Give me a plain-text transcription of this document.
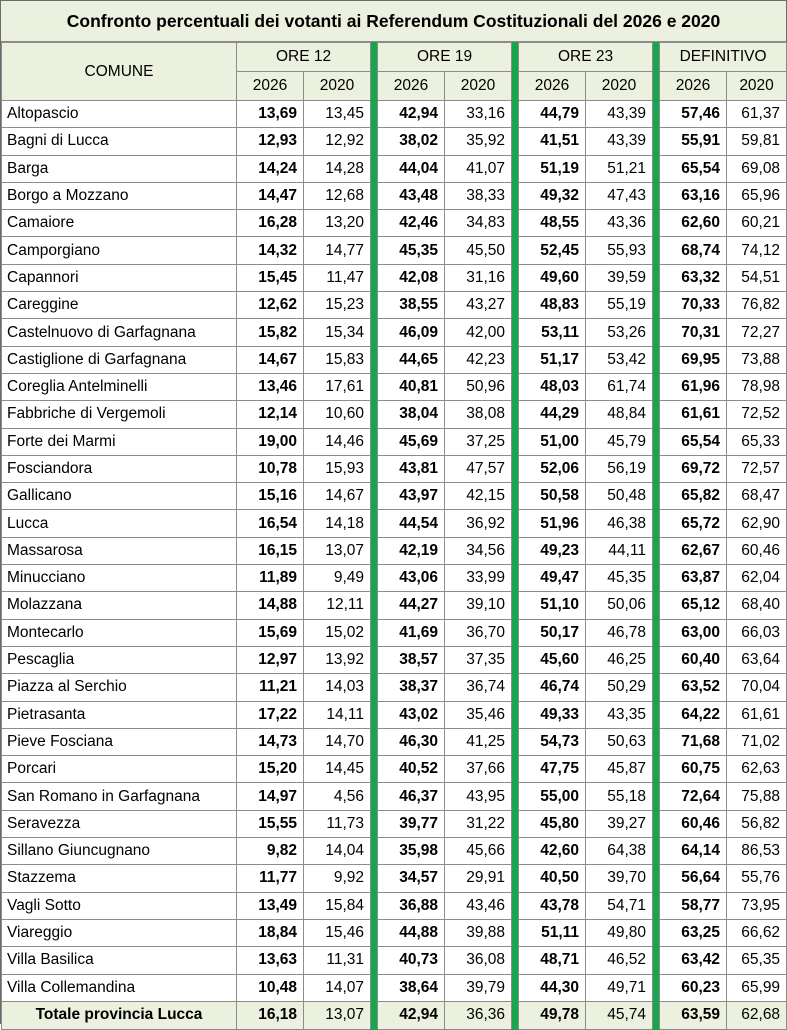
Confronto percentuali dei votanti ai Referendum Costituzionali del 2026 e 2020
COMUNE	ORE 12			ORE 19			ORE 23			DEFINITIVO	
	2026	2020		2026	2020		2026	2020		2026	2020
Altopascio	13,69	13,45		42,94	33,16		44,79	43,39		57,46	61,37
Bagni di Lucca	12,93	12,92		38,02	35,92		41,51	43,39		55,91	59,81
Barga	14,24	14,28		44,04	41,07		51,19	51,21		65,54	69,08
Borgo a Mozzano	14,47	12,68		43,48	38,33		49,32	47,43		63,16	65,96
Camaiore	16,28	13,20		42,46	34,83		48,55	43,36		62,60	60,21
Camporgiano	14,32	14,77		45,35	45,50		52,45	55,93		68,74	74,12
Capannori	15,45	11,47		42,08	31,16		49,60	39,59		63,32	54,51
Careggine	12,62	15,23		38,55	43,27		48,83	55,19		70,33	76,82
Castelnuovo di Garfagnana	15,82	15,34		46,09	42,00		53,11	53,26		70,31	72,27
Castiglione di Garfagnana	14,67	15,83		44,65	42,23		51,17	53,42		69,95	73,88
Coreglia Antelminelli	13,46	17,61		40,81	50,96		48,03	61,74		61,96	78,98
Fabbriche di Vergemoli	12,14	10,60		38,04	38,08		44,29	48,84		61,61	72,52
Forte dei Marmi	19,00	14,46		45,69	37,25		51,00	45,79		65,54	65,33
Fosciandora	10,78	15,93		43,81	47,57		52,06	56,19		69,72	72,57
Gallicano	15,16	14,67		43,97	42,15		50,58	50,48		65,82	68,47
Lucca	16,54	14,18		44,54	36,92		51,96	46,38		65,72	62,90
Massarosa	16,15	13,07		42,19	34,56		49,23	44,11		62,67	60,46
Minucciano	11,89	9,49		43,06	33,99		49,47	45,35		63,87	62,04
Molazzana	14,88	12,11		44,27	39,10		51,10	50,06		65,12	68,40
Montecarlo	15,69	15,02		41,69	36,70		50,17	46,78		63,00	66,03
Pescaglia	12,97	13,92		38,57	37,35		45,60	46,25		60,40	63,64
Piazza al Serchio	11,21	14,03		38,37	36,74		46,74	50,29		63,52	70,04
Pietrasanta	17,22	14,11		43,02	35,46		49,33	43,35		64,22	61,61
Pieve Fosciana	14,73	14,70		46,30	41,25		54,73	50,63		71,68	71,02
Porcari	15,20	14,45		40,52	37,66		47,75	45,87		60,75	62,63
San Romano in Garfagnana	14,97	4,56		46,37	43,95		55,00	55,18		72,64	75,88
Seravezza	15,55	11,73		39,77	31,22		45,80	39,27		60,46	56,82
Sillano Giuncugnano	9,82	14,04		35,98	45,66		42,60	64,38		64,14	86,53
Stazzema	11,77	9,92		34,57	29,91		40,50	39,70		56,64	55,76
Vagli Sotto	13,49	15,84		36,88	43,46		43,78	54,71		58,77	73,95
Viareggio	18,84	15,46		44,88	39,88		51,11	49,80		63,25	66,62
Villa Basilica	13,63	11,31		40,73	36,08		48,71	46,52		63,42	65,35
Villa Collemandina	10,48	14,07		38,64	39,79		44,30	49,71		60,23	65,99
Totale provincia Lucca	16,18	13,07		42,94	36,36		49,78	45,74		63,59	62,68
